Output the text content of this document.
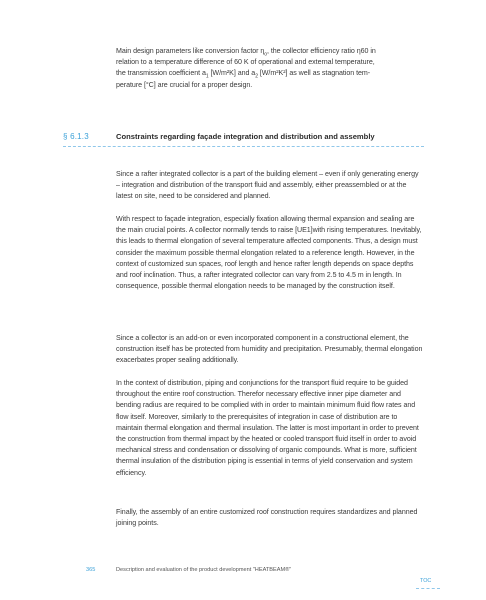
Main design parameters like conversion factor $\eta_o$, the collector efficiency ratio η60 in
relation to a temperature difference of 60 K of operational and external temperature,
the transmission coefficient $a_1$ [W/m²K] and $a_2$ [W/m²K²] as well as stagnation tem-
perature [°C] are crucial for a proper design.

§ 6.1.3	Constraints regarding façade integration and distribution and assembly

Since a rafter integrated collector is a part of the building element – even if only generating energy – integration and distribution of the transport fluid and assembly, either preassembled or at the latest on site, need to be considered and planned.

With respect to façade integration, especially fixation allowing thermal expansion and sealing are the main crucial points. A collector normally tends to raise [UE1]with rising temperatures. Inevitably, this leads to thermal elongation of several temperature affected components. Thus, a design must consider the maximum possible thermal elongation related to a reference length. However, in the context of customized sun spaces, roof length and hence rafter length depends on space depths and roof inclination. Thus, a rafter integrated collector can vary from 2.5 to 4.5 m in length. In consequence, possible thermal elongation needs to be managed by the construction itself.

Since a collector is an add-on or even incorporated component in a constructional element, the construction itself has be protected from humidity and precipitation. Presumably, thermal elongation exacerbates proper sealing additionally.

In the context of distribution, piping and conjunctions for the transport fluid require to be guided throughout the entire roof construction. Therefor necessary effective inner pipe diameter and bending radius are required to be complied with in order to maintain minimum fluid flow rates and flow itself. Moreover, similarly to the prerequisites of integration in case of distribution are to maintain thermal elongation and thermal insulation. The latter is most important in order to prevent the construction from thermal impact by the heated or cooled transport fluid itself in order to avoid mechanical stress and condensation or dissolving of organic compounds. What is more, sufficient thermal insulation of the distribution piping is essential in terms of yield conservation and system efficiency.

Finally, the assembly of an entire customized roof construction requires standardizes and planned joining points.

365	Description and evaluation of the product development "HEATBEAM®"
TOC
